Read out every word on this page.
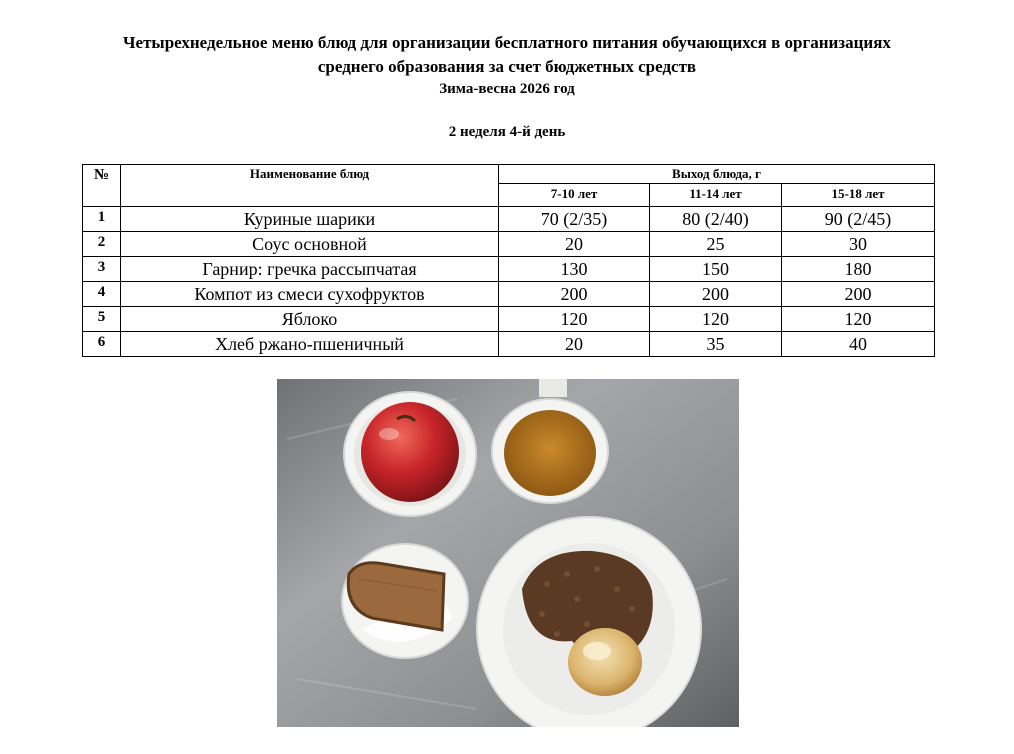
Четырехнедельное меню блюд для организации бесплатного питания обучающихся в организациях
среднего образования за счет бюджетных средств
Зима-весна 2026 год
2 неделя 4-й день
№	Наименование блюд	Выход блюда, г		
		7-10 лет	11-14 лет	15-18 лет
1	Куриные шарики	70 (2/35)	80 (2/40)	90 (2/45)
2	Соус основной	20	25	30
3	Гарнир: гречка рассыпчатая	130	150	180
4	Компот из смеси сухофруктов	200	200	200
5	Яблоко	120	120	120
6	Хлеб ржано-пшеничный	20	35	40
